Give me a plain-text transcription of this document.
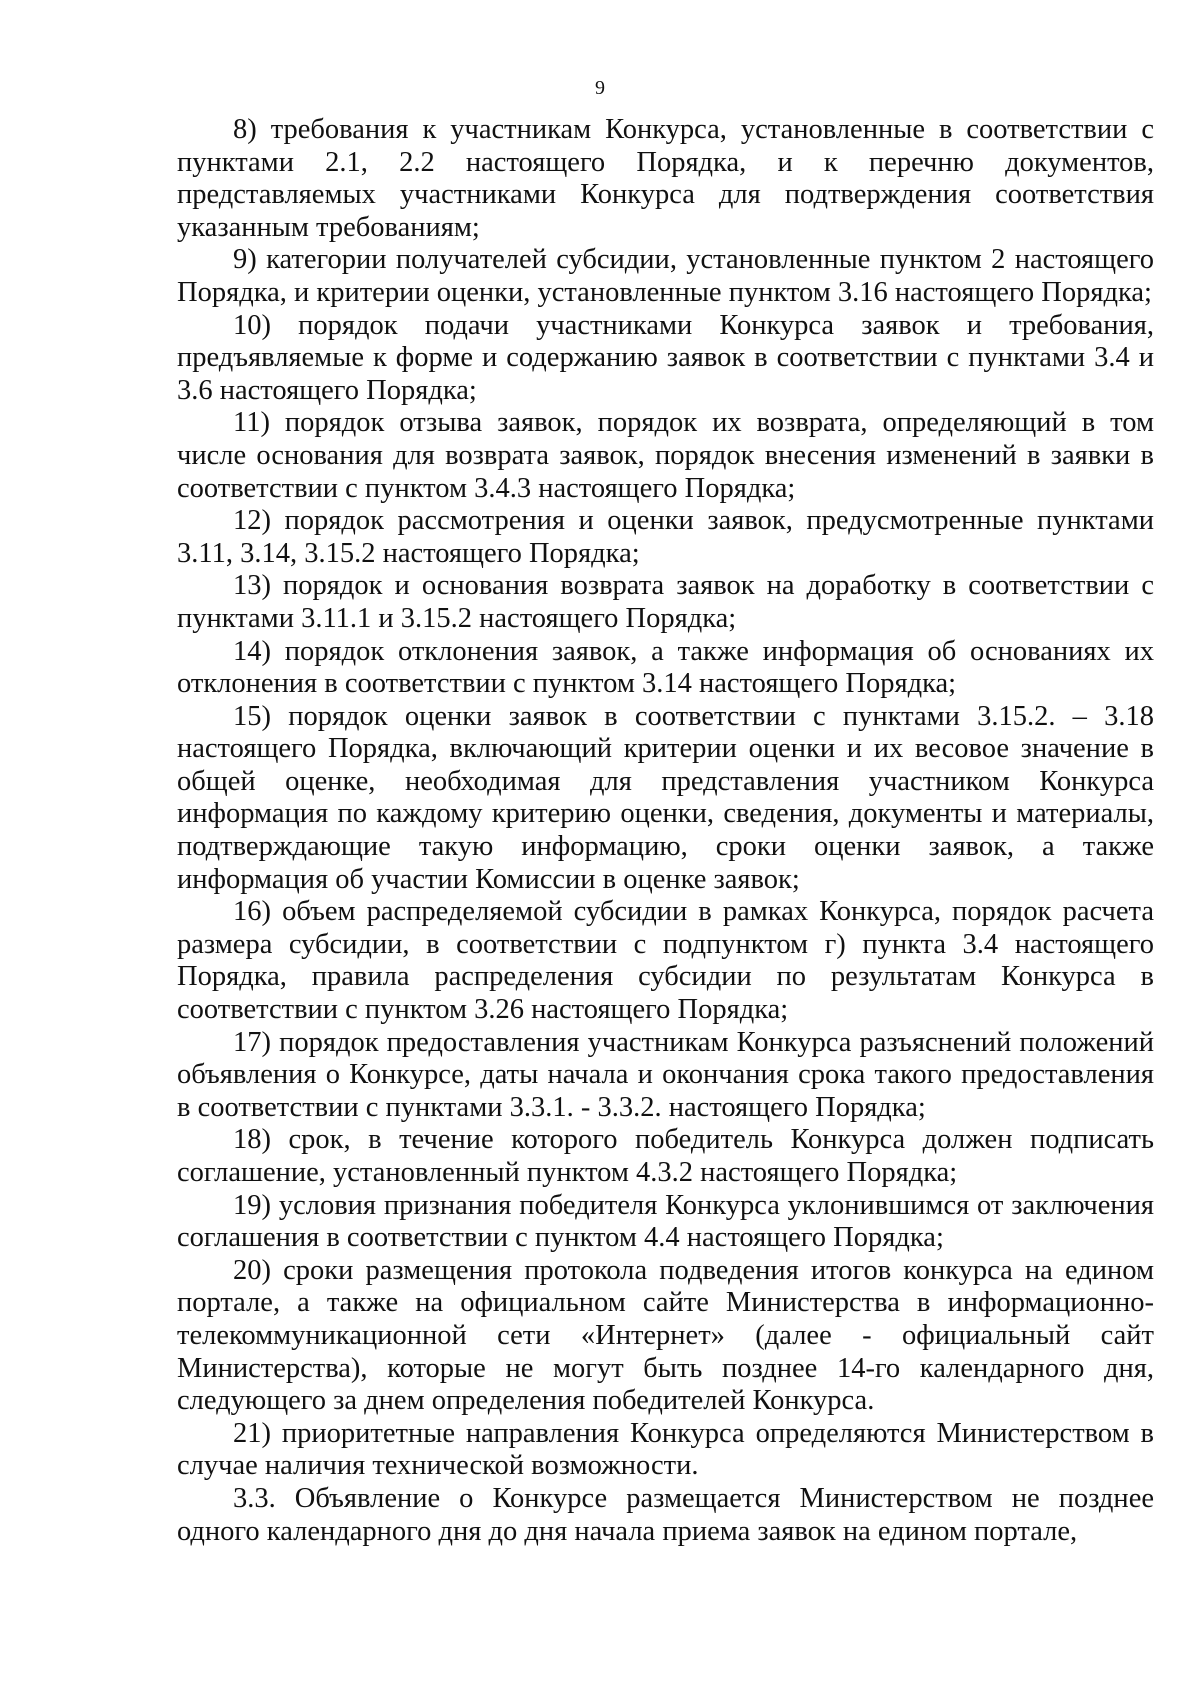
9

8) требования к участникам Конкурса, установленные в соответствии с пунктами 2.1, 2.2 настоящего Порядка, и к перечню документов, представляемых участниками Конкурса для подтверждения соответствия указанным требованиям;

9) категории получателей субсидии, установленные пунктом 2 настоящего Порядка, и критерии оценки, установленные пунктом 3.16 настоящего Порядка;

10) порядок подачи участниками Конкурса заявок и требования, предъявляемые к форме и содержанию заявок в соответствии с пунктами 3.4 и 3.6 настоящего Порядка;

11) порядок отзыва заявок, порядок их возврата, определяющий в том числе основания для возврата заявок, порядок внесения изменений в заявки в соответствии с пунктом 3.4.3 настоящего Порядка;

12) порядок рассмотрения и оценки заявок, предусмотренные пунктами 3.11, 3.14, 3.15.2 настоящего Порядка;

13) порядок и основания возврата заявок на доработку в соответствии с пунктами 3.11.1 и 3.15.2 настоящего Порядка;

14) порядок отклонения заявок, а также информация об основаниях их отклонения в соответствии с пунктом 3.14 настоящего Порядка;

15) порядок оценки заявок в соответствии с пунктами 3.15.2. – 3.18 настоящего Порядка, включающий критерии оценки и их весовое значение в общей оценке, необходимая для представления участником Конкурса информация по каждому критерию оценки, сведения, документы и материалы, подтверждающие такую информацию, сроки оценки заявок, а также информация об участии Комиссии в оценке заявок;

16) объем распределяемой субсидии в рамках Конкурса, порядок расчета размера субсидии, в соответствии с подпунктом г) пункта 3.4 настоящего Порядка, правила распределения субсидии по результатам Конкурса в соответствии с пунктом 3.26 настоящего Порядка;

17) порядок предоставления участникам Конкурса разъяснений положений объявления о Конкурсе, даты начала и окончания срока такого предоставления в соответствии с пунктами 3.3.1. - 3.3.2. настоящего Порядка;

18) срок, в течение которого победитель Конкурса должен подписать соглашение, установленный пунктом 4.3.2 настоящего Порядка;

19) условия признания победителя Конкурса уклонившимся от заключения соглашения в соответствии с пунктом 4.4 настоящего Порядка;

20) сроки размещения протокола подведения итогов конкурса на едином портале, а также на официальном сайте Министерства в информационно-телекоммуникационной сети «Интернет» (далее - официальный сайт Министерства), которые не могут быть позднее 14-го календарного дня, следующего за днем определения победителей Конкурса.

21) приоритетные направления Конкурса определяются Министерством в случае наличия технической возможности.

3.3. Объявление о Конкурсе размещается Министерством не позднее одного календарного дня до дня начала приема заявок на едином портале,
